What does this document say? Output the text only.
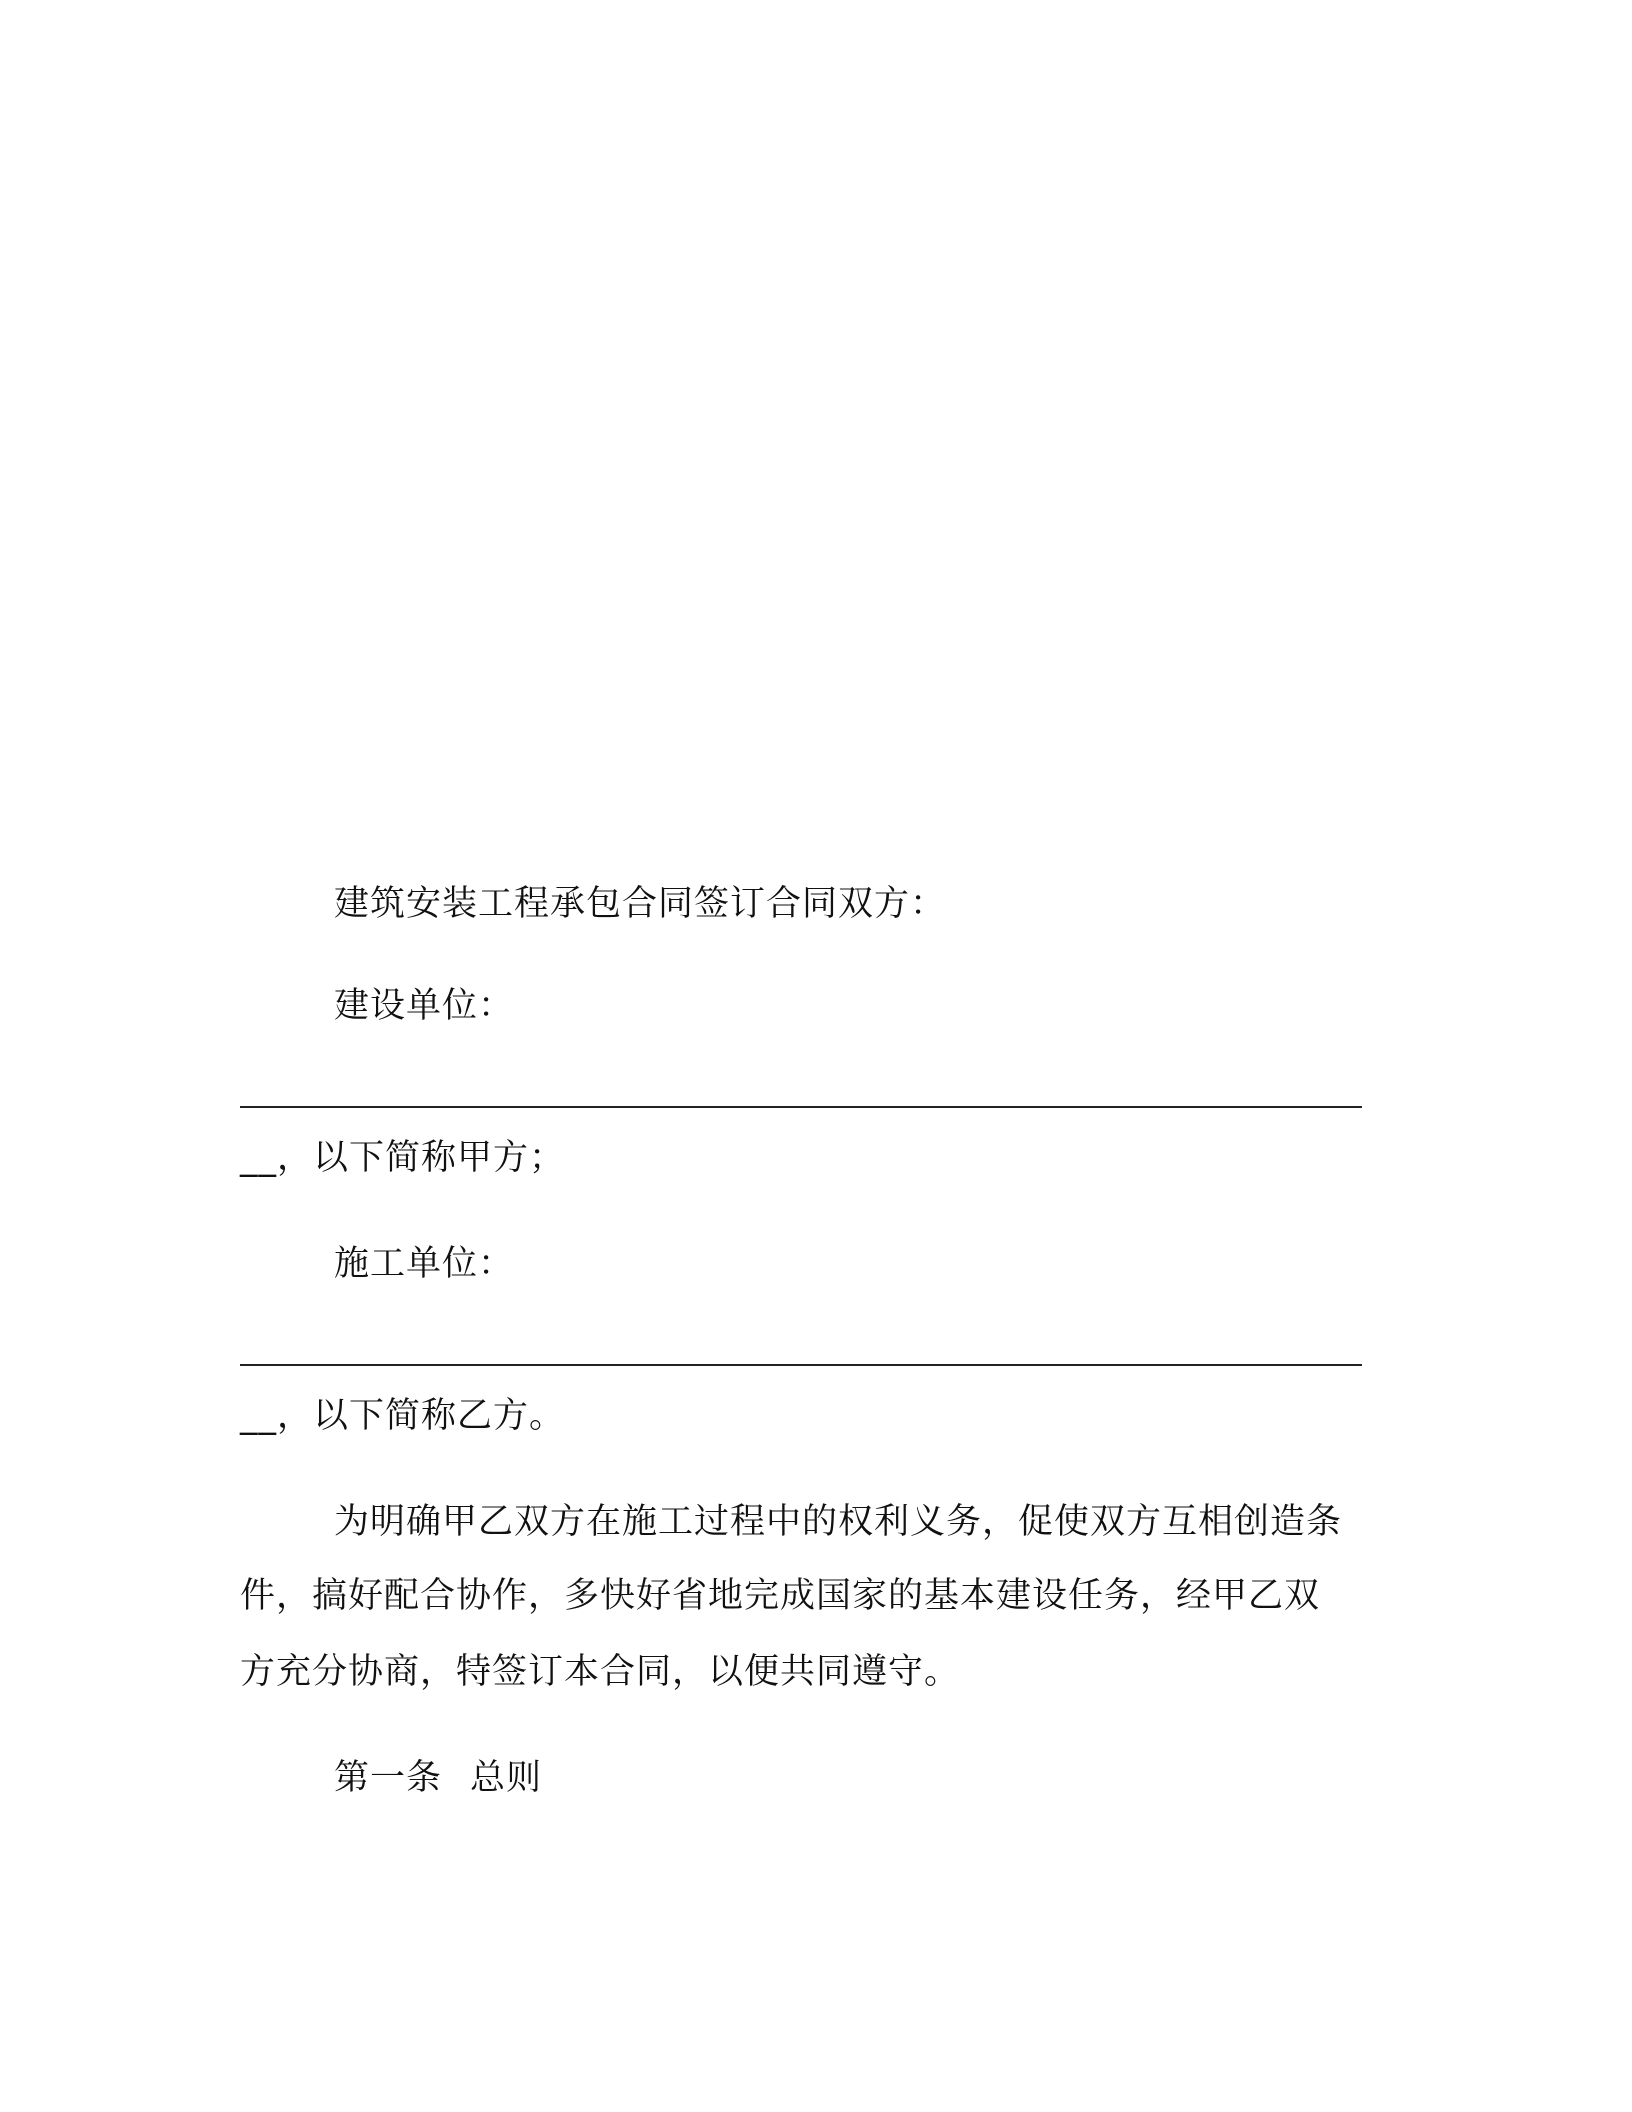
建筑安装工程承包合同签订合同双方：
建设单位：
__，以下简称甲方；
施工单位：
__，以下简称乙方。
为明确甲乙双方在施工过程中的权利义务，促使双方互相创造条
件，搞好配合协作，多快好省地完成国家的基本建设任务，经甲乙双
方充分协商，特签订本合同，以便共同遵守。
第一条 总则
